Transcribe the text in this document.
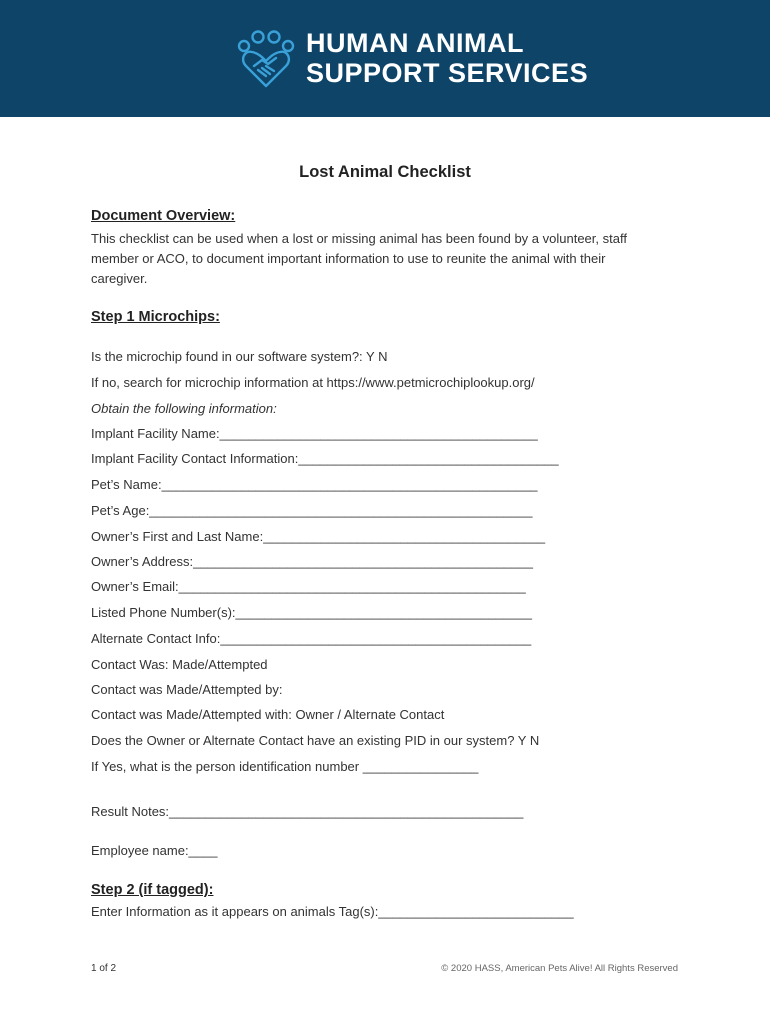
HUMAN ANIMAL
SUPPORT SERVICES
Lost Animal Checklist
Document Overview:
This checklist can be used when a lost or missing animal has been found by a volunteer, staff
member or ACO, to document important information to use to reunite the animal with their
caregiver.
Step 1 Microchips:
Is the microchip found in our software system?: Y N
If no, search for microchip information at https://www.petmicrochiplookup.org/
Obtain the following information:
Implant Facility Name:____________________________________________
Implant Facility Contact Information:____________________________________
Pet’s Name:____________________________________________________
Pet’s Age:_____________________________________________________
Owner’s First and Last Name:_______________________________________
Owner’s Address:_______________________________________________
Owner’s Email:________________________________________________
Listed Phone Number(s):_________________________________________
Alternate Contact Info:___________________________________________
Contact Was: Made/Attempted
Contact was Made/Attempted by:
Contact was Made/Attempted with: Owner / Alternate Contact
Does the Owner or Alternate Contact have an existing PID in our system? Y N
If Yes, what is the person identification number ________________
Result Notes:_________________________________________________
Employee name:____
Step 2 (if tagged):
Enter Information as it appears on animals Tag(s):___________________________
1 of 2	© 2020 HASS, American Pets Alive! All Rights Reserved
